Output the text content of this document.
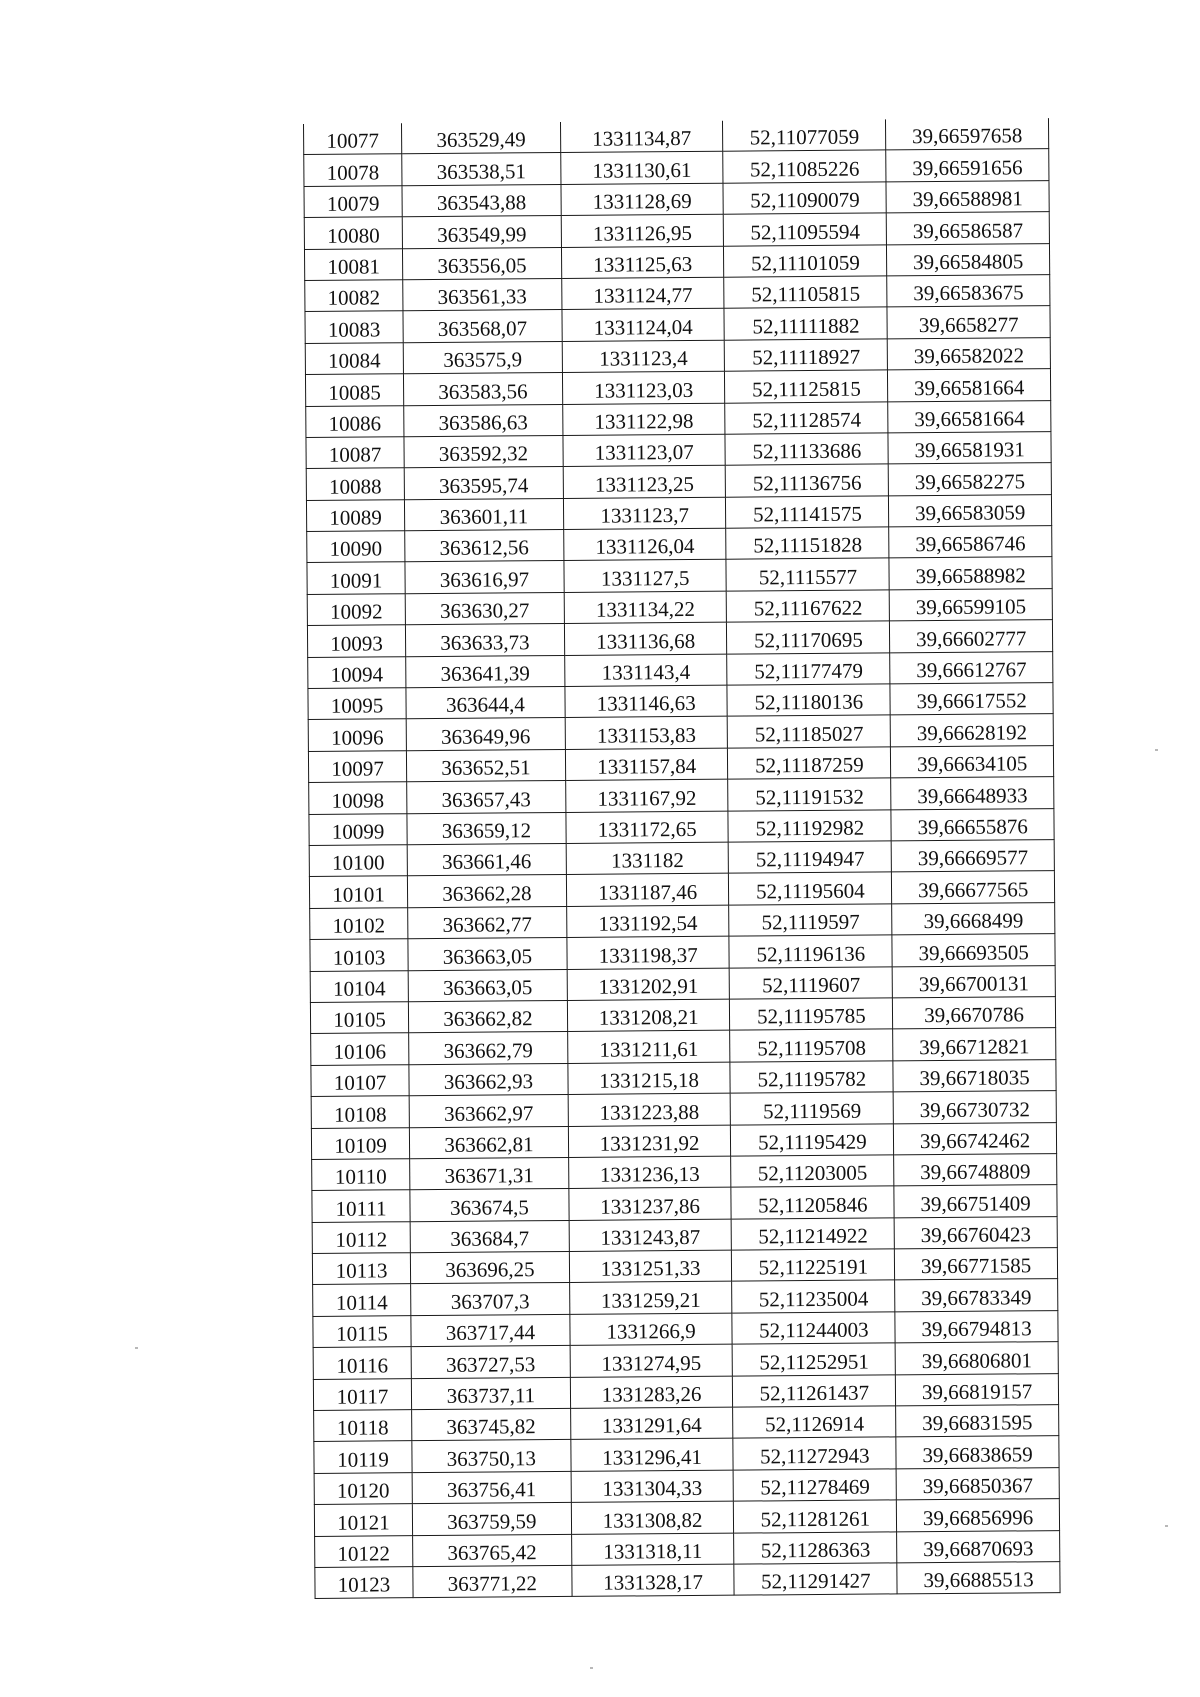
10077	363529,49	1331134,87	52,11077059	39,66597658
10078	363538,51	1331130,61	52,11085226	39,66591656
10079	363543,88	1331128,69	52,11090079	39,66588981
10080	363549,99	1331126,95	52,11095594	39,66586587
10081	363556,05	1331125,63	52,11101059	39,66584805
10082	363561,33	1331124,77	52,11105815	39,66583675
10083	363568,07	1331124,04	52,11111882	39,6658277
10084	363575,9	1331123,4	52,11118927	39,66582022
10085	363583,56	1331123,03	52,11125815	39,66581664
10086	363586,63	1331122,98	52,11128574	39,66581664
10087	363592,32	1331123,07	52,11133686	39,66581931
10088	363595,74	1331123,25	52,11136756	39,66582275
10089	363601,11	1331123,7	52,11141575	39,66583059
10090	363612,56	1331126,04	52,11151828	39,66586746
10091	363616,97	1331127,5	52,1115577	39,66588982
10092	363630,27	1331134,22	52,11167622	39,66599105
10093	363633,73	1331136,68	52,11170695	39,66602777
10094	363641,39	1331143,4	52,11177479	39,66612767
10095	363644,4	1331146,63	52,11180136	39,66617552
10096	363649,96	1331153,83	52,11185027	39,66628192
10097	363652,51	1331157,84	52,11187259	39,66634105
10098	363657,43	1331167,92	52,11191532	39,66648933
10099	363659,12	1331172,65	52,11192982	39,66655876
10100	363661,46	1331182	52,11194947	39,66669577
10101	363662,28	1331187,46	52,11195604	39,66677565
10102	363662,77	1331192,54	52,1119597	39,6668499
10103	363663,05	1331198,37	52,11196136	39,66693505
10104	363663,05	1331202,91	52,1119607	39,66700131
10105	363662,82	1331208,21	52,11195785	39,6670786
10106	363662,79	1331211,61	52,11195708	39,66712821
10107	363662,93	1331215,18	52,11195782	39,66718035
10108	363662,97	1331223,88	52,1119569	39,66730732
10109	363662,81	1331231,92	52,11195429	39,66742462
10110	363671,31	1331236,13	52,11203005	39,66748809
10111	363674,5	1331237,86	52,11205846	39,66751409
10112	363684,7	1331243,87	52,11214922	39,66760423
10113	363696,25	1331251,33	52,11225191	39,66771585
10114	363707,3	1331259,21	52,11235004	39,66783349
10115	363717,44	1331266,9	52,11244003	39,66794813
10116	363727,53	1331274,95	52,11252951	39,66806801
10117	363737,11	1331283,26	52,11261437	39,66819157
10118	363745,82	1331291,64	52,1126914	39,66831595
10119	363750,13	1331296,41	52,11272943	39,66838659
10120	363756,41	1331304,33	52,11278469	39,66850367
10121	363759,59	1331308,82	52,11281261	39,66856996
10122	363765,42	1331318,11	52,11286363	39,66870693
10123	363771,22	1331328,17	52,11291427	39,66885513
